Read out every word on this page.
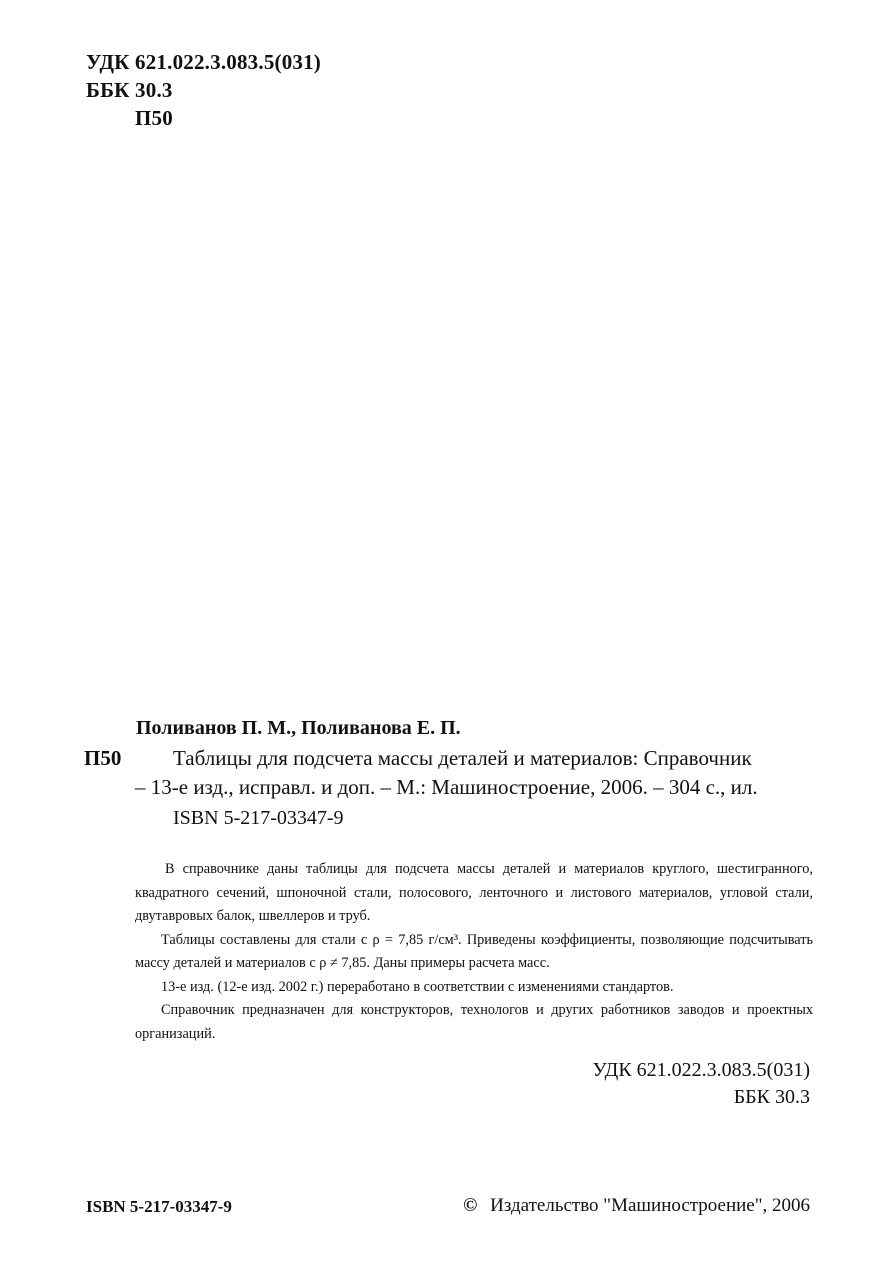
УДК 621.022.3.083.5(031)
ББК 30.3
П50
Поливанов П. М., Поливанова Е. П.
П50 Таблицы для подсчета массы деталей и материалов: Справочник
– 13-е изд., исправл. и доп. – М.: Машиностроение, 2006. – 304 с., ил.
ISBN 5-217-03347-9

В справочнике даны таблицы для подсчета массы деталей и материалов круглого, шестигранного, квадратного сечений, шпоночной стали, полосового, ленточного и листового материалов, угловой стали, двутавровых балок, швеллеров и труб.

Таблицы составлены для стали с ρ = 7,85 г/см³. Приведены коэффициенты, позволяющие подсчитывать массу деталей и материалов с ρ ≠ 7,85. Даны примеры расчета масс.

13-е изд. (12-е изд. 2002 г.) переработано в соответствии с изменениями стандартов.

Справочник предназначен для конструкторов, технологов и других работников заводов и проектных организаций.

УДК 621.022.3.083.5(031)
ББК 30.3
ISBN 5-217-03347-9	© Издательство "Машиностроение", 2006
